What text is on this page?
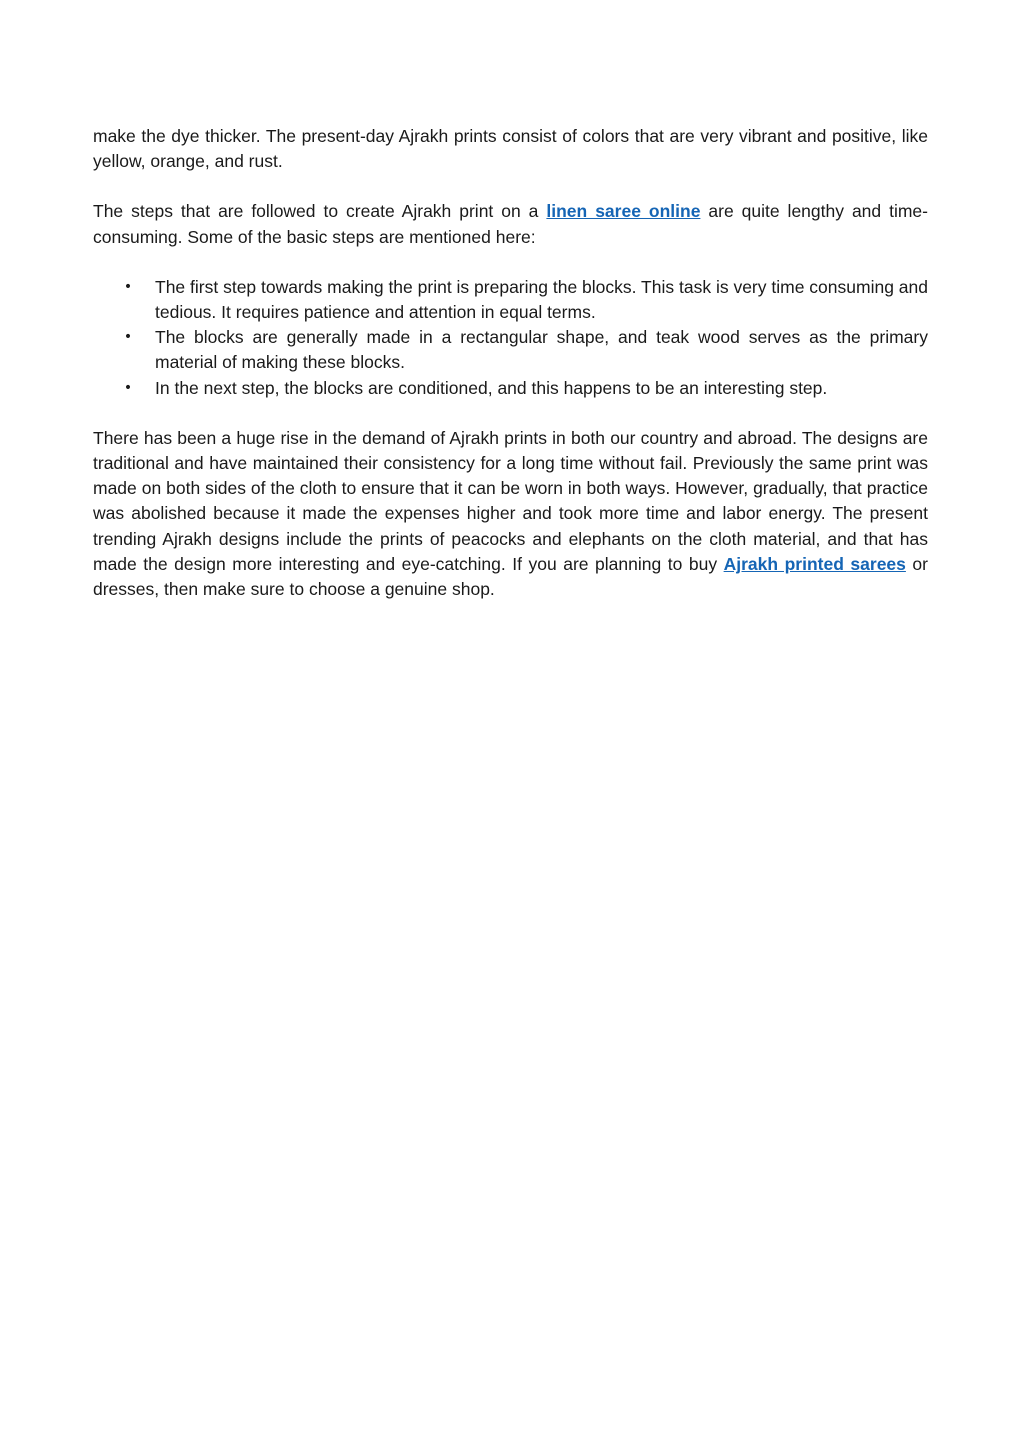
make the dye thicker. The present-day Ajrakh prints consist of colors that are very vibrant and positive, like yellow, orange, and rust.

The steps that are followed to create Ajrakh print on a linen saree online are quite lengthy and time-consuming. Some of the basic steps are mentioned here:

• The first step towards making the print is preparing the blocks. This task is very time consuming and tedious. It requires patience and attention in equal terms.
• The blocks are generally made in a rectangular shape, and teak wood serves as the primary material of making these blocks.
• In the next step, the blocks are conditioned, and this happens to be an interesting step.

There has been a huge rise in the demand of Ajrakh prints in both our country and abroad. The designs are traditional and have maintained their consistency for a long time without fail. Previously the same print was made on both sides of the cloth to ensure that it can be worn in both ways. However, gradually, that practice was abolished because it made the expenses higher and took more time and labor energy. The present trending Ajrakh designs include the prints of peacocks and elephants on the cloth material, and that has made the design more interesting and eye-catching. If you are planning to buy Ajrakh printed sarees or dresses, then make sure to choose a genuine shop.
